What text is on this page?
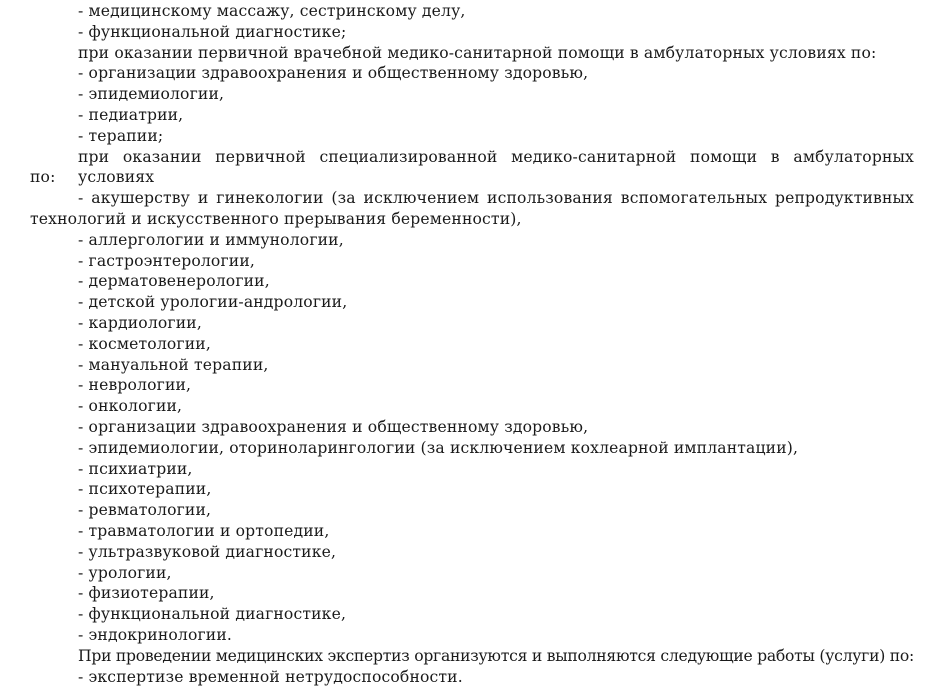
- медицинскому массажу, сестринскому делу,
- функциональной диагностике;
при оказании первичной врачебной медико-санитарной помощи в амбулаторных условиях по:
- организации здравоохранения и общественному здоровью,
- эпидемиологии,
- педиатрии,
- терапии;
при оказании первичной специализированной медико-санитарной помощи в амбулаторных условиях
по:
- акушерству и гинекологии (за исключением использования вспомогательных репродуктивных
технологий и искусственного прерывания беременности),
- аллергологии и иммунологии,
- гастроэнтерологии,
- дерматовенерологии,
- детской урологии-андрологии,
- кардиологии,
- косметологии,
- мануальной терапии,
- неврологии,
- онкологии,
- организации здравоохранения и общественному здоровью,
- эпидемиологии, оториноларингологии (за исключением кохлеарной имплантации),
- психиатрии,
- психотерапии,
- ревматологии,
- травматологии и ортопедии,
- ультразвуковой диагностике,
- урологии,
- физиотерапии,
- функциональной диагностике,
- эндокринологии.
При проведении медицинских экспертиз организуются и выполняются следующие работы (услуги) по:
- экспертизе временной нетрудоспособности.
